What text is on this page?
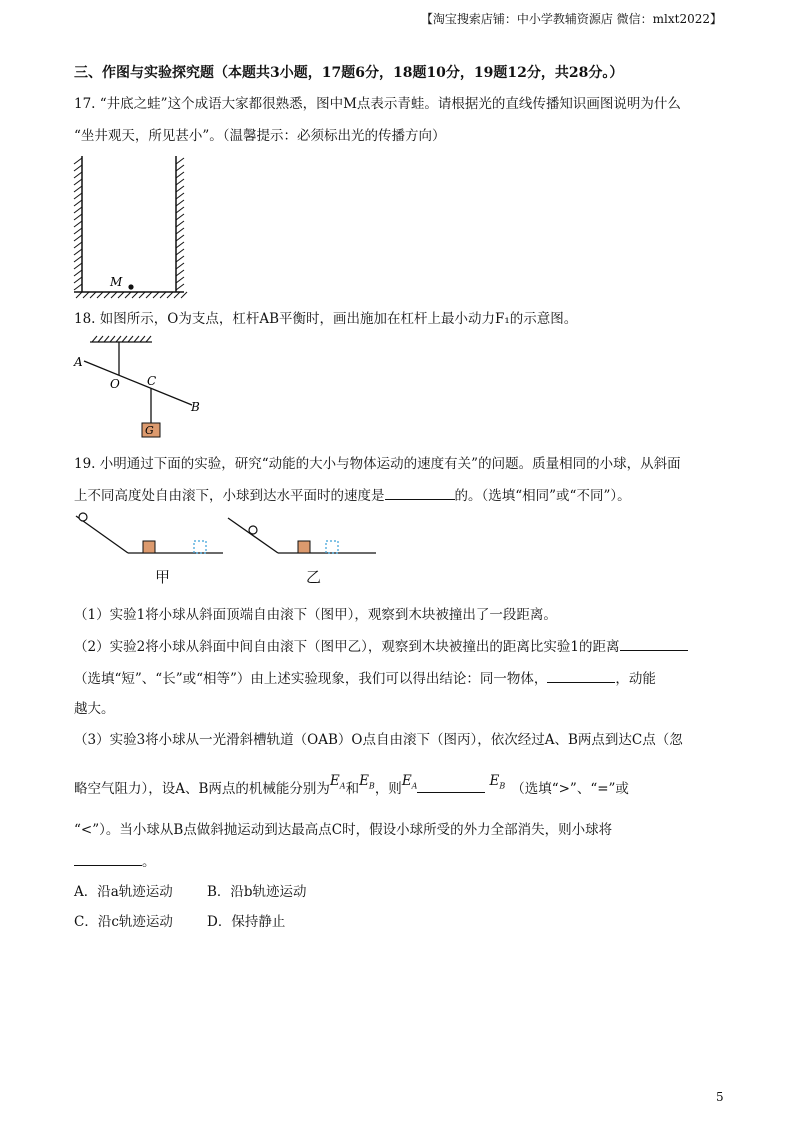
【淘宝搜索店铺：中小学教辅资源店 微信：mlxt2022】
三、作图与实验探究题（本题共3小题，17题6分，18题10分，19题12分，共28分。）
17. “井底之蛙”这个成语大家都很熟悉，图中M点表示青蛙。请根据光的直线传播知识画图说明为什么
“坐井观天，所见甚小”。（温馨提示：必须标出光的传播方向）
M
18. 如图所示，O为支点，杠杆AB平衡时，画出施加在杠杆上最小动力F₁的示意图。
G
A
O C
B
19. 小明通过下面的实验，研究“动能的大小与物体运动的速度有关”的问题。质量相同的小球，从斜面
上不同高度处自由滚下，小球到达水平面时的速度是	的。（选填“相同”或“不同”）。
甲	乙
（1）实验1将小球从斜面顶端自由滚下（图甲），观察到木块被撞出了一段距离。
（2）实验2将小球从斜面中间自由滚下（图甲乙），观察到木块被撞出的距离比实验1的距离
（选填“短”、“长”或“相等”）由上述实验现象，我们可以得出结论：同一物体，	，动能
越大。
（3）实验3将小球从一光滑斜槽轨道（OAB）O点自由滚下（图丙），依次经过A、B两点到达C点（忽
略空气阻力），设A、B两点的机械能分别为$E_A$和$E_B$，则$E_A$	$E_B$ （选填“>”、“=”或
“<”）。当小球从B点做斜抛运动到达最高点C时，假设小球所受的外力全部消失，则小球将
。
A．沿a轨迹运动	B．沿b轨迹运动
C．沿c轨迹运动	D．保持静止
5
